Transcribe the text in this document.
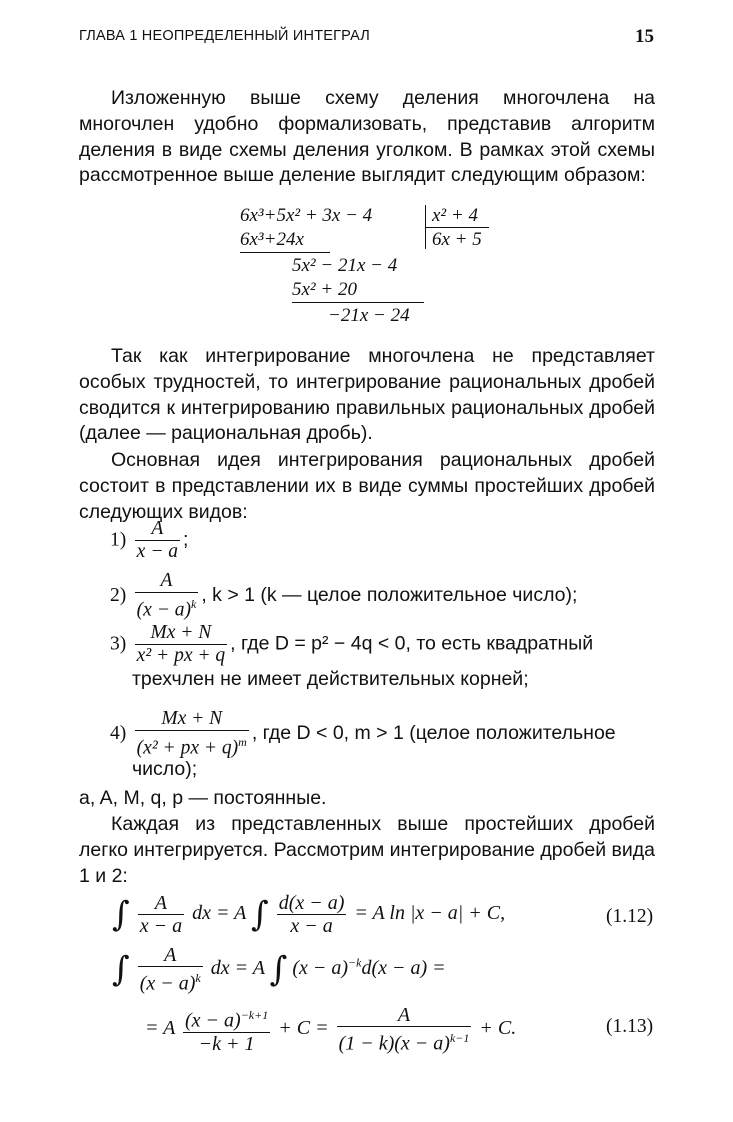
ГЛАВА 1 НЕОПРЕДЕЛЕННЫЙ ИНТЕГРАЛ	15

Изложенную выше схему деления многочлена на многочлен удобно формализовать, представив алгоритм деления в виде схемы деления уголком. В рамках этой схемы рассмотренное выше деление выглядит следующим образом:

6x³+5x² + 3x − 4	x² + 4
6x³+24x	6x + 5
5x² − 21x − 4
5x² + 20
−21x − 24

Так как интегрирование многочлена не представляет особых трудностей, то интегрирование рациональных дробей сводится к интегрированию правильных рациональных дробей (далее — рациональная дробь).

Основная идея интегрирования рациональных дробей состоит в представлении их в виде суммы простейших дробей следующих видов:

$1) \frac{A}{x - a}$ ;
$2) \frac{A}{(x - a)^k}$ , k > 1 (k — целое положительное число);
$3) \frac{Mx + N}{\text{x² + px + q}}$ , где D = p² − 4q < 0, то есть квадратный
трехчлен не имеет действительных корней;
$4) \frac{Mx + N}{(x^2 + px + q)^m}$ , где D < 0, m > 1 (целое положительное
число);
a, A, M, q, p — постоянные.

Каждая из представленных выше простейших дробей легко интегрируется. Рассмотрим интегрирование дробей вида 1 и 2:

∫ $\frac{A}{x - a}$ dx = A ∫ $\frac{d(x - a)}{x - a} = A$ ln |x − a| + C,	(1.12)
∫ $\frac{A}{(x - a)^k}$ dx = A ∫ $(x - a)^{-k}d(x - a)$ =
= A $\frac{(x - a)^{-k+1}}{-k + 1} + C = \frac{A}{(1 - k)(x - a)^{k-1}} + C$.	(1.13)
